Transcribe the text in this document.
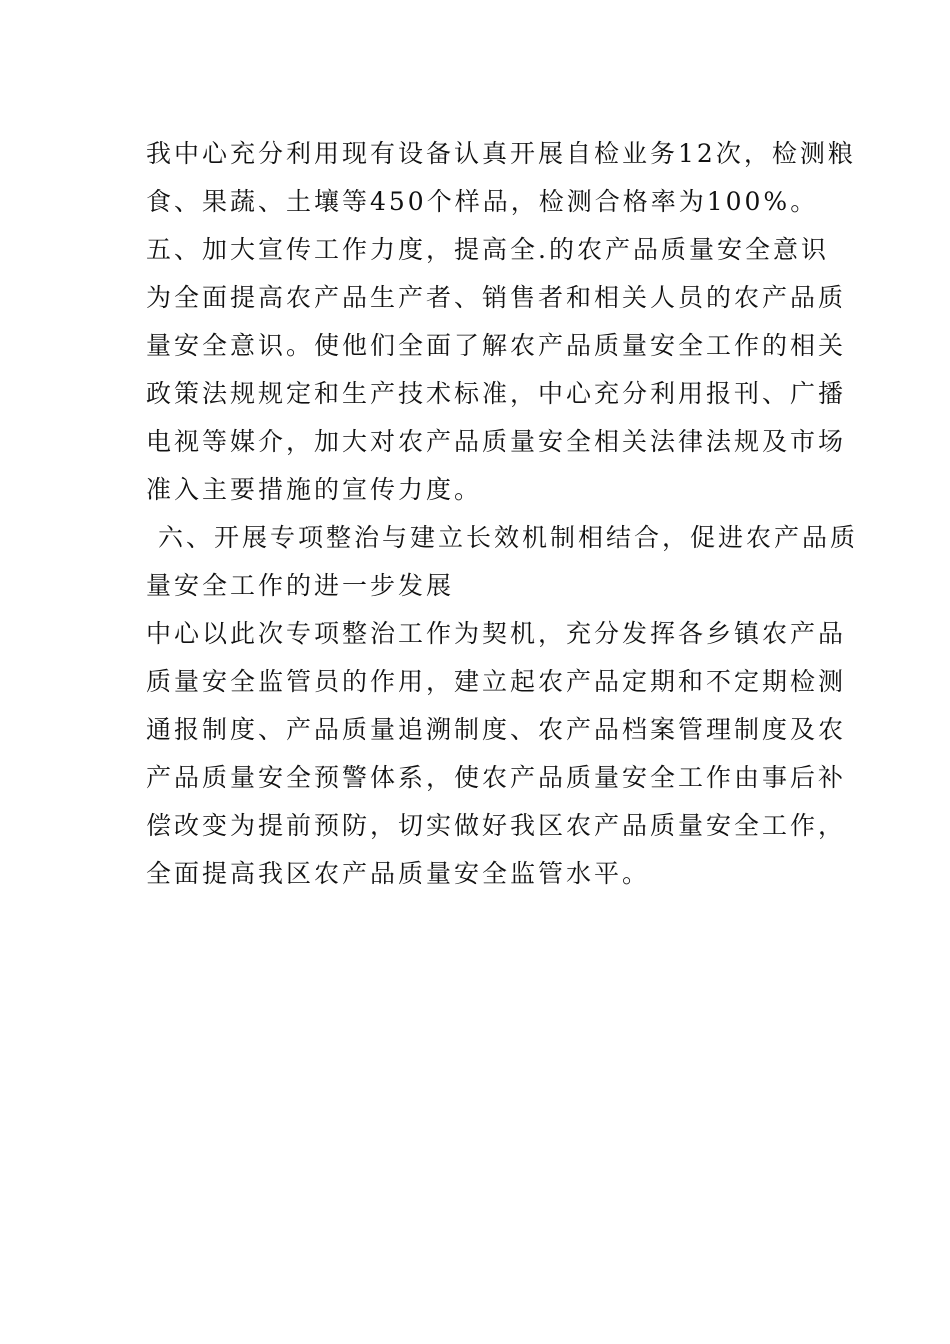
我中心充分利用现有设备认真开展自检业务12次，检测粮
食、果蔬、土壤等450个样品，检测合格率为100%。
五、加大宣传工作力度，提高全.的农产品质量安全意识
为全面提高农产品生产者、销售者和相关人员的农产品质
量安全意识。使他们全面了解农产品质量安全工作的相关
政策法规规定和生产技术标准，中心充分利用报刊、广播
电视等媒介，加大对农产品质量安全相关法律法规及市场
准入主要措施的宣传力度。
六、开展专项整治与建立长效机制相结合，促进农产品质
量安全工作的进一步发展
中心以此次专项整治工作为契机，充分发挥各乡镇农产品
质量安全监管员的作用，建立起农产品定期和不定期检测
通报制度、产品质量追溯制度、农产品档案管理制度及农
产品质量安全预警体系，使农产品质量安全工作由事后补
偿改变为提前预防，切实做好我区农产品质量安全工作，
全面提高我区农产品质量安全监管水平。
